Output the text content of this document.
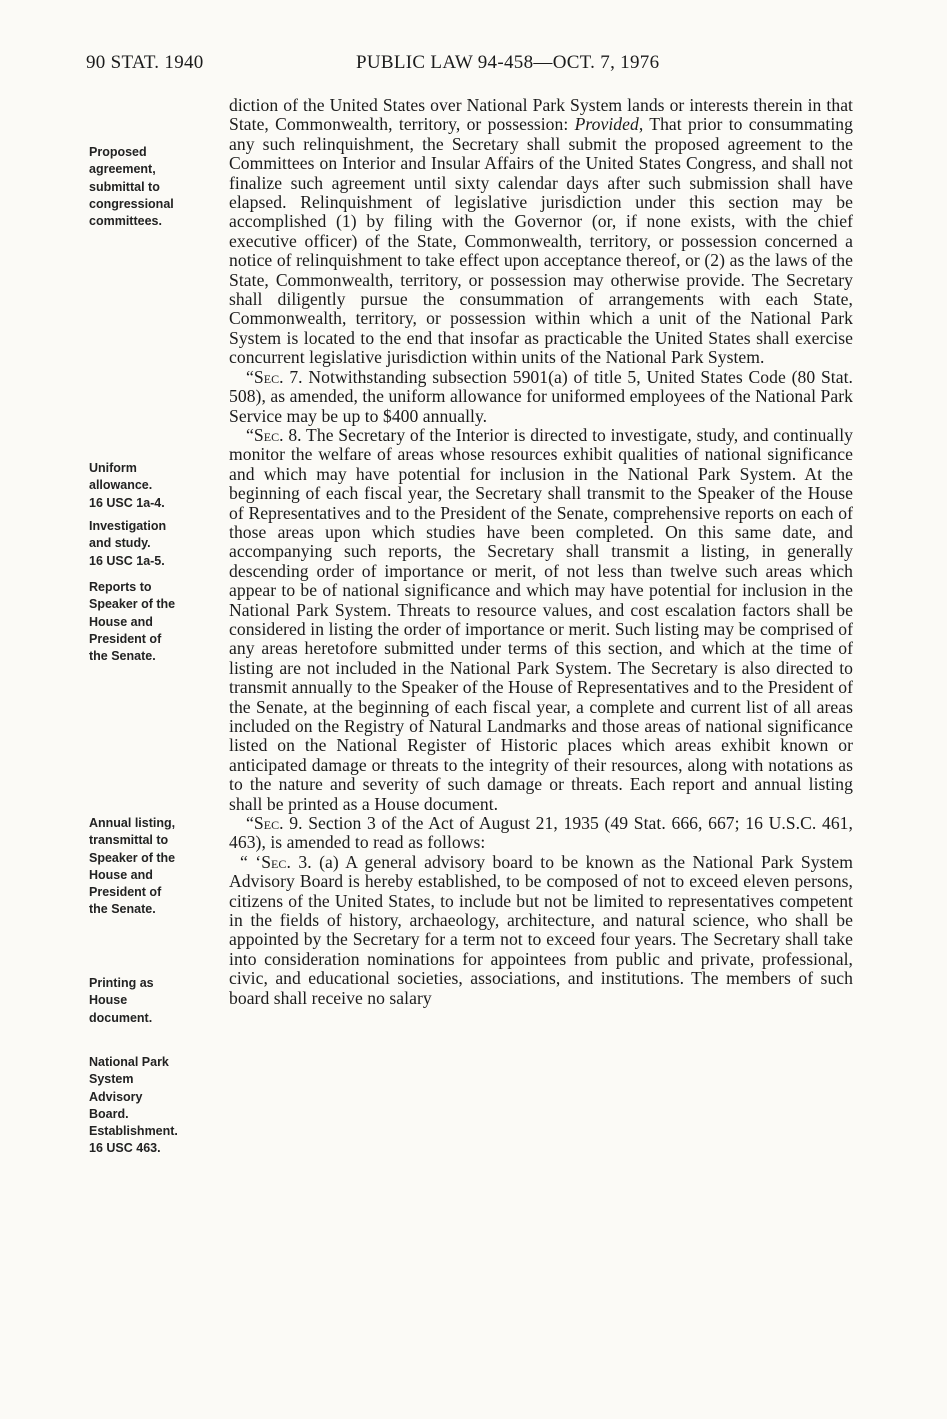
90 STAT. 1940	PUBLIC LAW 94-458—OCT. 7, 1976
Proposed
agreement,
submittal to
congressional
committees.
Uniform
allowance.
16 USC 1a-4.
Investigation
and study.
16 USC 1a-5.
Reports to
Speaker of the
House and
President of
the Senate.
Annual listing,
transmittal to
Speaker of the
House and
President of
the Senate.
Printing as
House
document.
National Park
System
Advisory
Board.
Establishment.
16 USC 463.

diction of the United States over National Park System lands or interests therein in that State, Commonwealth, territory, or possession: Provided, That prior to consummating any such relinquishment, the Secretary shall submit the proposed agreement to the Committees on Interior and Insular Affairs of the United States Congress, and shall not finalize such agreement until sixty calendar days after such submission shall have elapsed. Relinquishment of legislative jurisdiction under this section may be accomplished (1) by filing with the Governor (or, if none exists, with the chief executive officer) of the State, Commonwealth, territory, or possession concerned a notice of relinquishment to take effect upon acceptance thereof, or (2) as the laws of the State, Commonwealth, territory, or possession may otherwise provide. The Secretary shall diligently pursue the consummation of arrangements with each State, Commonwealth, territory, or possession within which a unit of the National Park System is located to the end that insofar as practicable the United States shall exercise concurrent legislative jurisdiction within units of the National Park System.

“Sec. 7. Notwithstanding subsection 5901(a) of title 5, United States Code (80 Stat. 508), as amended, the uniform allowance for uniformed employees of the National Park Service may be up to $400 annually.

“Sec. 8. The Secretary of the Interior is directed to investigate, study, and continually monitor the welfare of areas whose resources exhibit qualities of national significance and which may have potential for inclusion in the National Park System. At the beginning of each fiscal year, the Secretary shall transmit to the Speaker of the House of Representatives and to the President of the Senate, comprehensive reports on each of those areas upon which studies have been completed. On this same date, and accompanying such reports, the Secretary shall transmit a listing, in generally descending order of importance or merit, of not less than twelve such areas which appear to be of national significance and which may have potential for inclusion in the National Park System. Threats to resource values, and cost escalation factors shall be considered in listing the order of importance or merit. Such listing may be comprised of any areas heretofore submitted under terms of this section, and which at the time of listing are not included in the National Park System. The Secretary is also directed to transmit annually to the Speaker of the House of Representatives and to the President of the Senate, at the beginning of each fiscal year, a complete and current list of all areas included on the Registry of Natural Landmarks and those areas of national significance listed on the National Register of Historic places which areas exhibit known or anticipated damage or threats to the integrity of their resources, along with notations as to the nature and severity of such damage or threats. Each report and annual listing shall be printed as a House document.

“Sec. 9. Section 3 of the Act of August 21, 1935 (49 Stat. 666, 667; 16 U.S.C. 461, 463), is amended to read as follows:

“ ‘Sec. 3. (a) A general advisory board to be known as the National Park System Advisory Board is hereby established, to be composed of not to exceed eleven persons, citizens of the United States, to include but not be limited to representatives competent in the fields of history, archaeology, architecture, and natural science, who shall be appointed by the Secretary for a term not to exceed four years. The Secretary shall take into consideration nominations for appointees from public and private, professional, civic, and educational societies, associations, and institutions. The members of such board shall receive no salary
